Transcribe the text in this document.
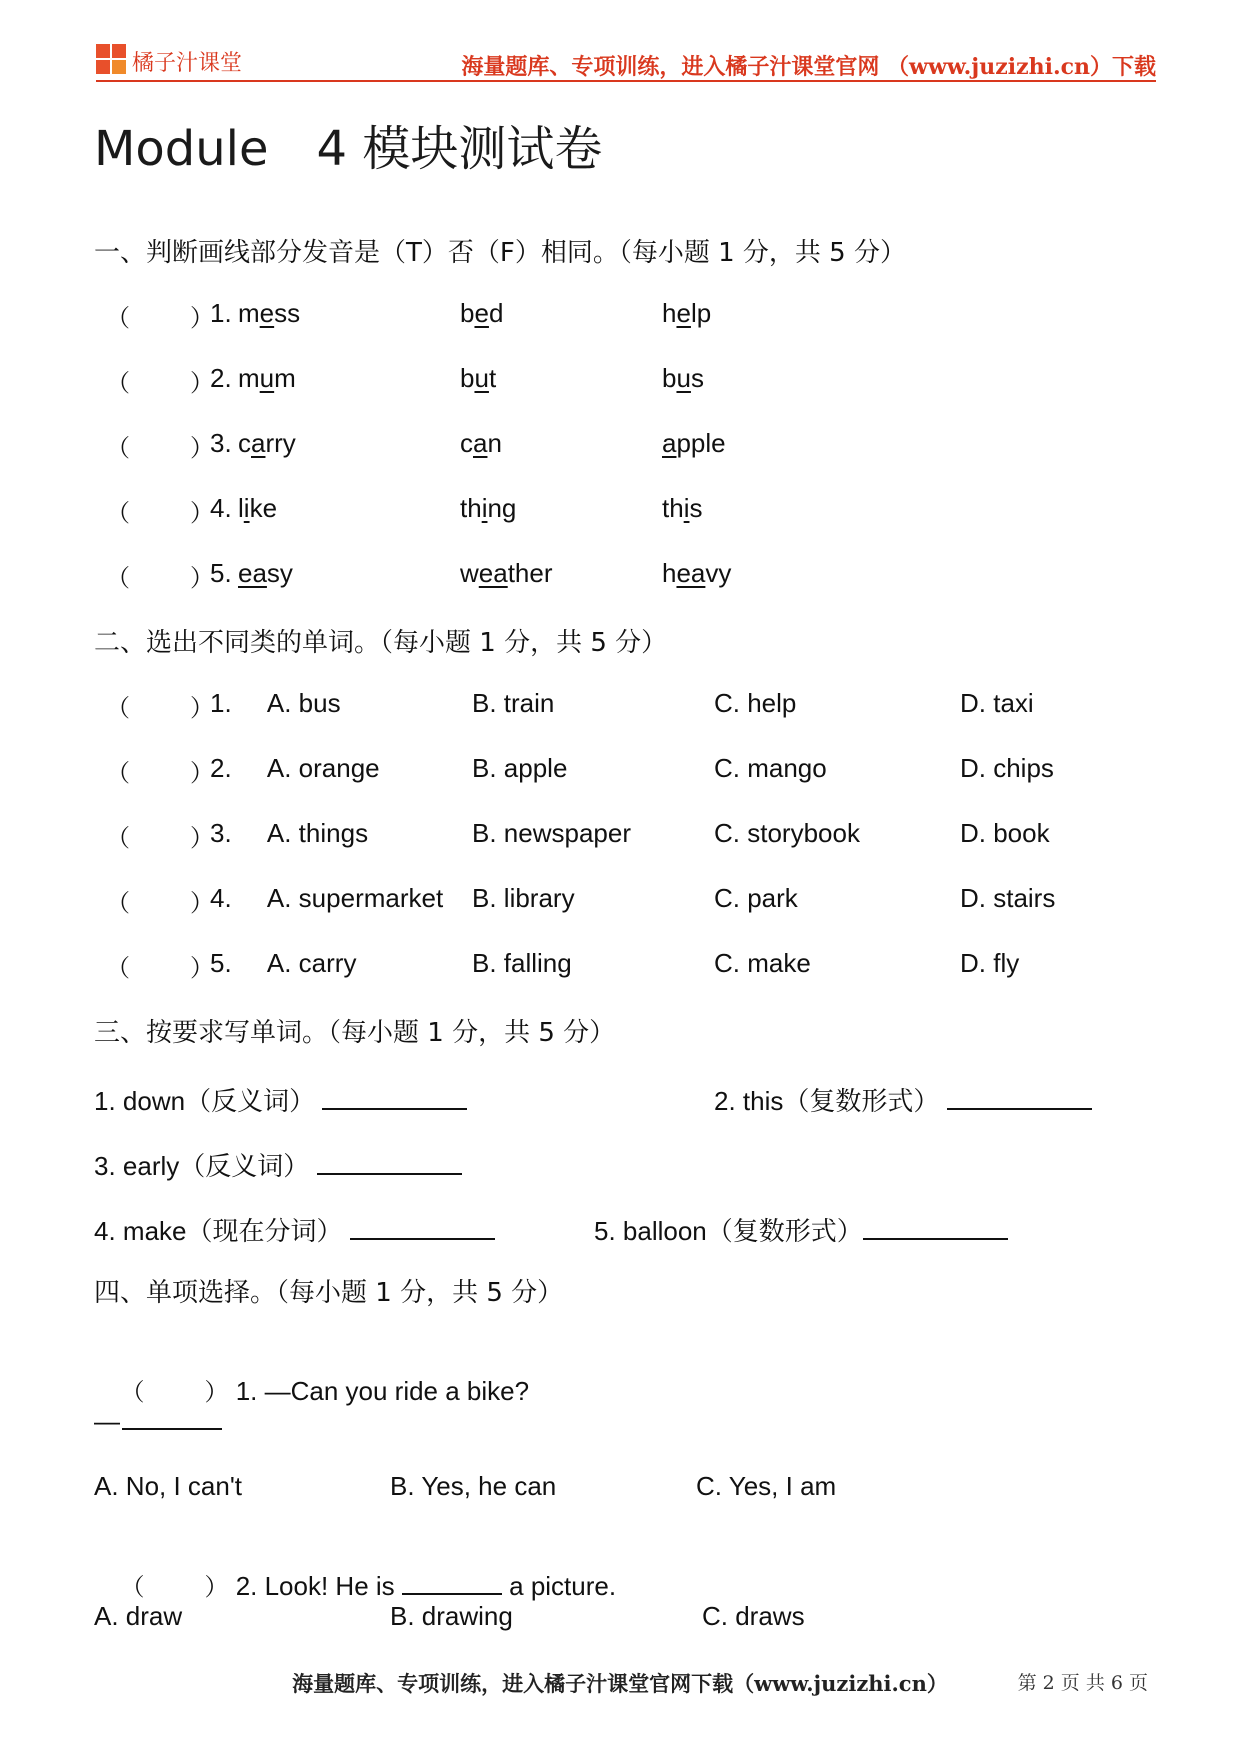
橘子汁课堂	海量题库、专项训练，进入橘子汁课堂官网 （www.juzizhi.cn）下载
Module　4 模块测试卷
一、判断画线部分发音是（T）否（F）相同。（每小题 1 分，共 5 分）
（	）
1. mess	bed	help
（	）
2. mum	but	bus
（	）
3. carry	can	apple
（	）
4. like	thing	this
（	）
5. easy	weather	heavy
二、选出不同类的单词。（每小题 1 分，共 5 分）
（	）
1. A. bus	B. train	C. help	D. taxi
（	）
2. A. orange	B. apple	C. mango	D. chips
（	）
3. A. things	B. newspaper	C. storybook	D. book
（	）
4. A. supermarket B. library	C. park	D. stairs
（	）
5. A. carry	B. falling	C. make	D. fly
三、按要求写单词。（每小题 1 分，共 5 分）
1. down（反义词）	2. this（复数形式）
3. early（反义词）
4. make（现在分词）	5. balloon（复数形式）
四、单项选择。（每小题 1 分，共 5 分）

（	） 1. —Can you ride a bike?

—
A. No, I can't	B. Yes, he can	C. Yes, I am

（	） 2. Look! He is	a picture.

A. draw	B. drawing	C. draws
海量题库、专项训练，进入橘子汁课堂官网下载（www.juzizhi.cn）	第 2 页 共 6 页
